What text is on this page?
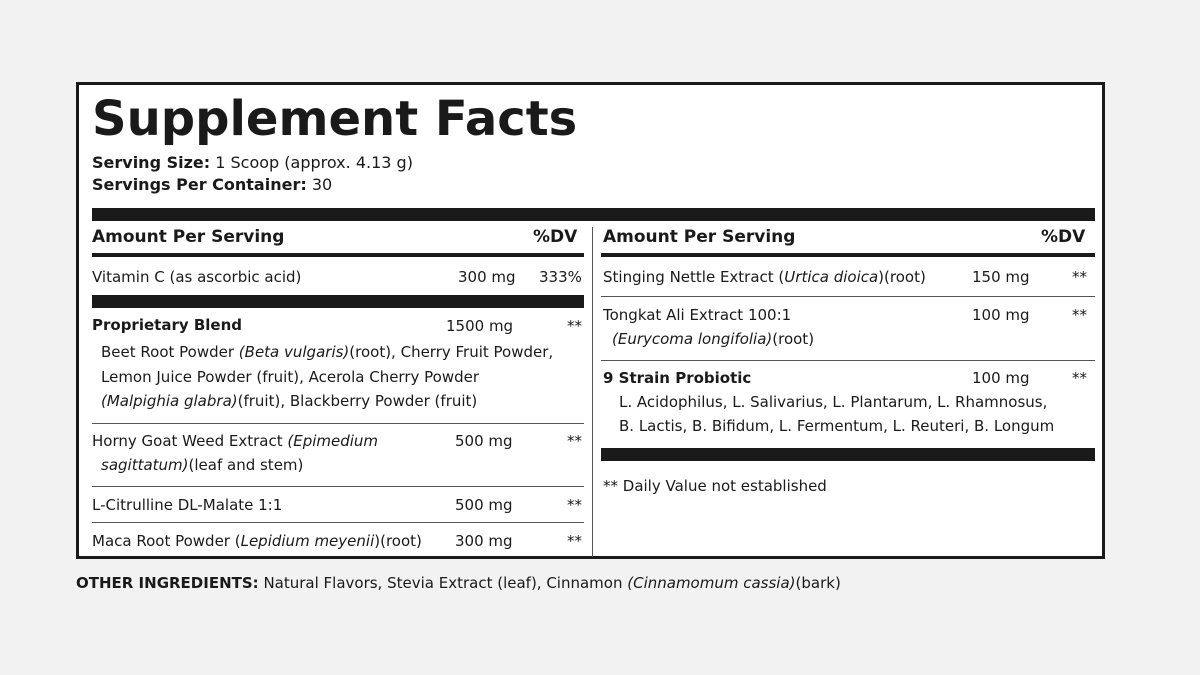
Supplement Facts
Serving Size: 1 Scoop (approx. 4.13 g)
Servings Per Container: 30
Amount Per Serving	%DV Amount Per Serving	%DV
Vitamin C (as ascorbic acid)	300 mg 333%
Proprietary Blend	1500 mg	**
Beet Root Powder (Beta vulgaris)(root), Cherry Fruit Powder,
Lemon Juice Powder (fruit), Acerola Cherry Powder
(Malpighia glabra)(fruit), Blackberry Powder (fruit)
Horny Goat Weed Extract (Epimedium
sagittatum)(leaf and stem)
500 mg	**
L-Citrulline DL-Malate 1:1	500 mg	**
Maca Root Powder (Lepidium meyenii)(root) 300 mg	**
Stinging Nettle Extract (Urtica dioica)(root)	150 mg	**
Tongkat Ali Extract 100:1
(Eurycoma longifolia)(root)
100 mg	**
9 Strain Probiotic	100 mg	**
L. Acidophilus, L. Salivarius, L. Plantarum, L. Rhamnosus,
B. Lactis, B. Bifidum, L. Fermentum, L. Reuteri, B. Longum
** Daily Value not established
OTHER INGREDIENTS: Natural Flavors, Stevia Extract (leaf), Cinnamon (Cinnamomum cassia)(bark)
